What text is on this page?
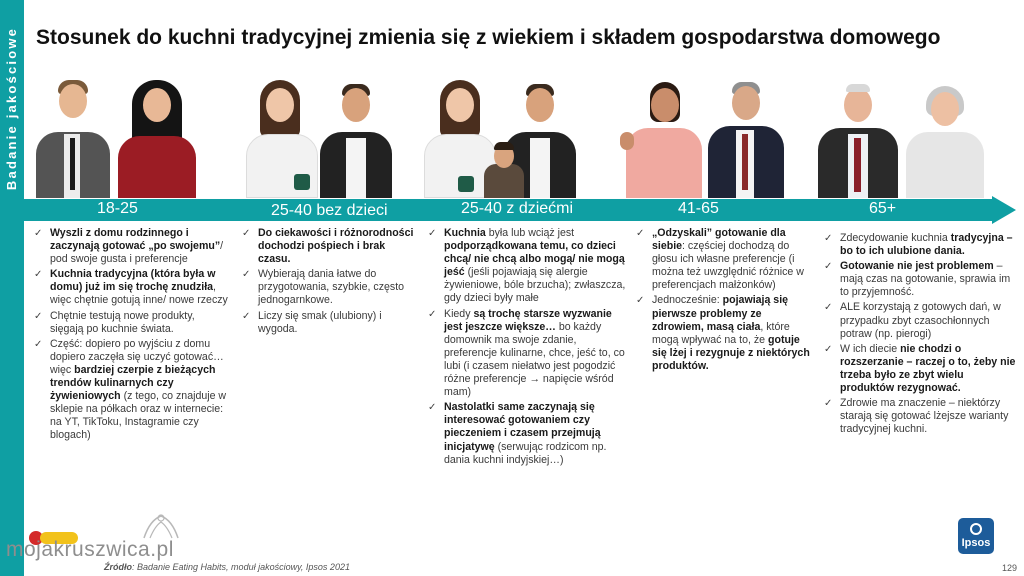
Badanie jakościowe Stosunek do kuchni tradycyjnej zmienia się z wiekiem i składem gospodarstwa domowego
18-25	25-40 bez dzieci	25-40 z dziećmi	41-65	65+
✓ Wyszli z domu rodzinnego i zaczynają gotować „po swojemu”/ pod swoje gusta i preferencje
✓ Kuchnia tradycyjna (która była w domu) już im się trochę znudziła, więc chętnie gotują inne/ nowe rzeczy
✓ Chętnie testują nowe produkty, sięgają po kuchnie świata.
✓ Część: dopiero po wyjściu z domu dopiero zaczęła się uczyć gotować… więc bardziej czerpie z bieżących trendów kulinarnych czy żywieniowych (z tego, co znajduje w sklepie na półkach oraz w internecie: na YT, TikToku, Instagramie czy blogach)
✓ Do ciekawości i różnorodności dochodzi pośpiech i brak czasu.
✓ Wybierają dania łatwe do przygotowania, szybkie, często jednogarnkowe.
✓ Liczy się smak (ulubiony) i wygoda.
✓ Kuchnia była lub wciąż jest podporządkowana temu, co dzieci chcą/ nie chcą albo mogą/ nie mogą jeść (jeśli pojawiają się alergie żywieniowe, bóle brzucha); zwłaszcza, gdy dzieci były małe
✓ Kiedy są trochę starsze wyzwanie jest jeszcze większe… bo każdy domownik ma swoje zdanie, preferencje kulinarne, chce, jeść to, co lubi (i czasem niełatwo jest pogodzić różne preferencje → napięcie wśród mam)
✓ Nastolatki same zaczynają się interesować gotowaniem czy pieczeniem i czasem przejmują inicjatywę (serwując rodzicom np. dania kuchni indyjskiej…)
✓ „Odzyskali” gotowanie dla siebie: częściej dochodzą do głosu ich własne preferencje (i można też uwzględnić różnice w preferencjach małżonków)
✓ Jednocześnie: pojawiają się pierwsze problemy ze zdrowiem, masą ciała, które mogą wpływać na to, że gotuje się lżej i rezygnuje z niektórych produktów.
✓ Zdecydowanie kuchnia tradycyjna – bo to ich ulubione dania.
✓ Gotowanie nie jest problemem – mają czas na gotowanie, sprawia im to przyjemność.
✓ ALE korzystają z gotowych dań, w przypadku zbyt czasochłonnych potraw (np. pierogi)
✓ W ich diecie nie chodzi o rozszerzanie – raczej o to, żeby nie trzeba było ze zbyt wielu produktów rezygnować.
✓ Zdrowie ma znaczenie – niektórzy starają się gotować lżejsze warianty tradycyjnej kuchni.
mojakruszwica.pl
Źródło: Badanie Eating Habits, moduł jakościowy, Ipsos 2021
Ipsos
129
